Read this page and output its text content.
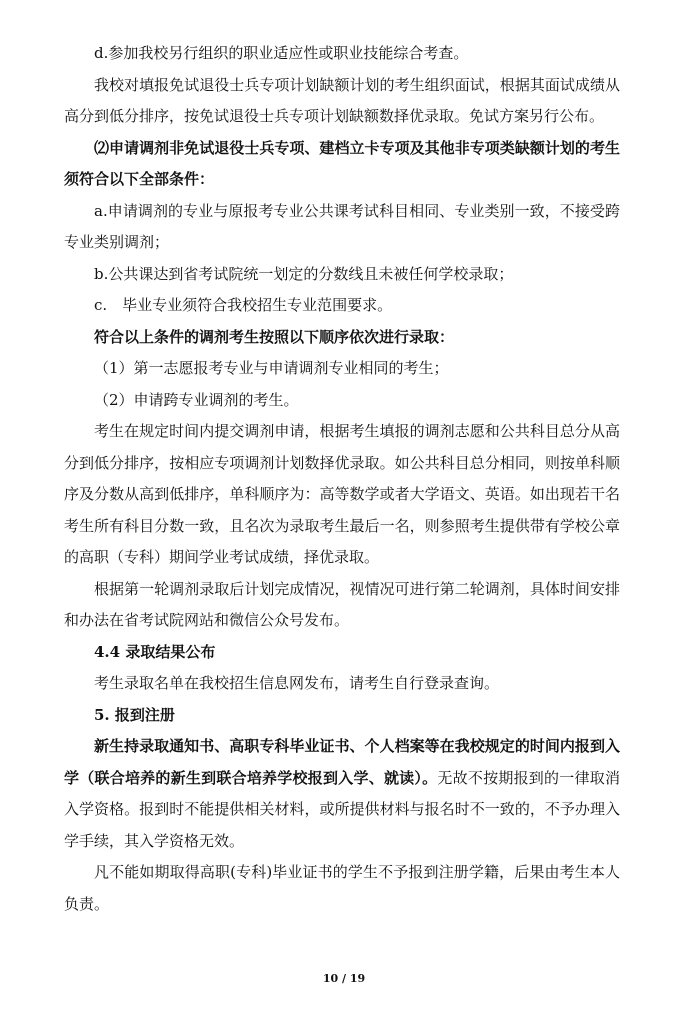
d.参加我校另行组织的职业适应性或职业技能综合考查。

我校对填报免试退役士兵专项计划缺额计划的考生组织面试，根据其面试成绩从高分到低分排序，按免试退役士兵专项计划缺额数择优录取。免试方案另行公布。

⑵申请调剂非免试退役士兵专项、建档立卡专项及其他非专项类缺额计划的考生须符合以下全部条件：

a.申请调剂的专业与原报考专业公共课考试科目相同、专业类别一致，不接受跨专业类别调剂；

b.公共课达到省考试院统一划定的分数线且未被任何学校录取；

c.　毕业专业须符合我校招生专业范围要求。

符合以上条件的调剂考生按照以下顺序依次进行录取：

（1）第一志愿报考专业与申请调剂专业相同的考生；

（2）申请跨专业调剂的考生。

考生在规定时间内提交调剂申请，根据考生填报的调剂志愿和公共科目总分从高分到低分排序，按相应专项调剂计划数择优录取。如公共科目总分相同，则按单科顺序及分数从高到低排序，单科顺序为：高等数学或者大学语文、英语。如出现若干名考生所有科目分数一致，且名次为录取考生最后一名，则参照考生提供带有学校公章的高职（专科）期间学业考试成绩，择优录取。

根据第一轮调剂录取后计划完成情况，视情况可进行第二轮调剂，具体时间安排和办法在省考试院网站和微信公众号发布。

4.4 录取结果公布

考生录取名单在我校招生信息网发布，请考生自行登录查询。

5. 报到注册

新生持录取通知书、高职专科毕业证书、个人档案等在我校规定的时间内报到入学（联合培养的新生到联合培养学校报到入学、就读）。无故不按期报到的一律取消入学资格。报到时不能提供相关材料，或所提供材料与报名时不一致的，不予办理入学手续，其入学资格无效。

凡不能如期取得高职(专科)毕业证书的学生不予报到注册学籍，后果由考生本人负责。

10 / 19
